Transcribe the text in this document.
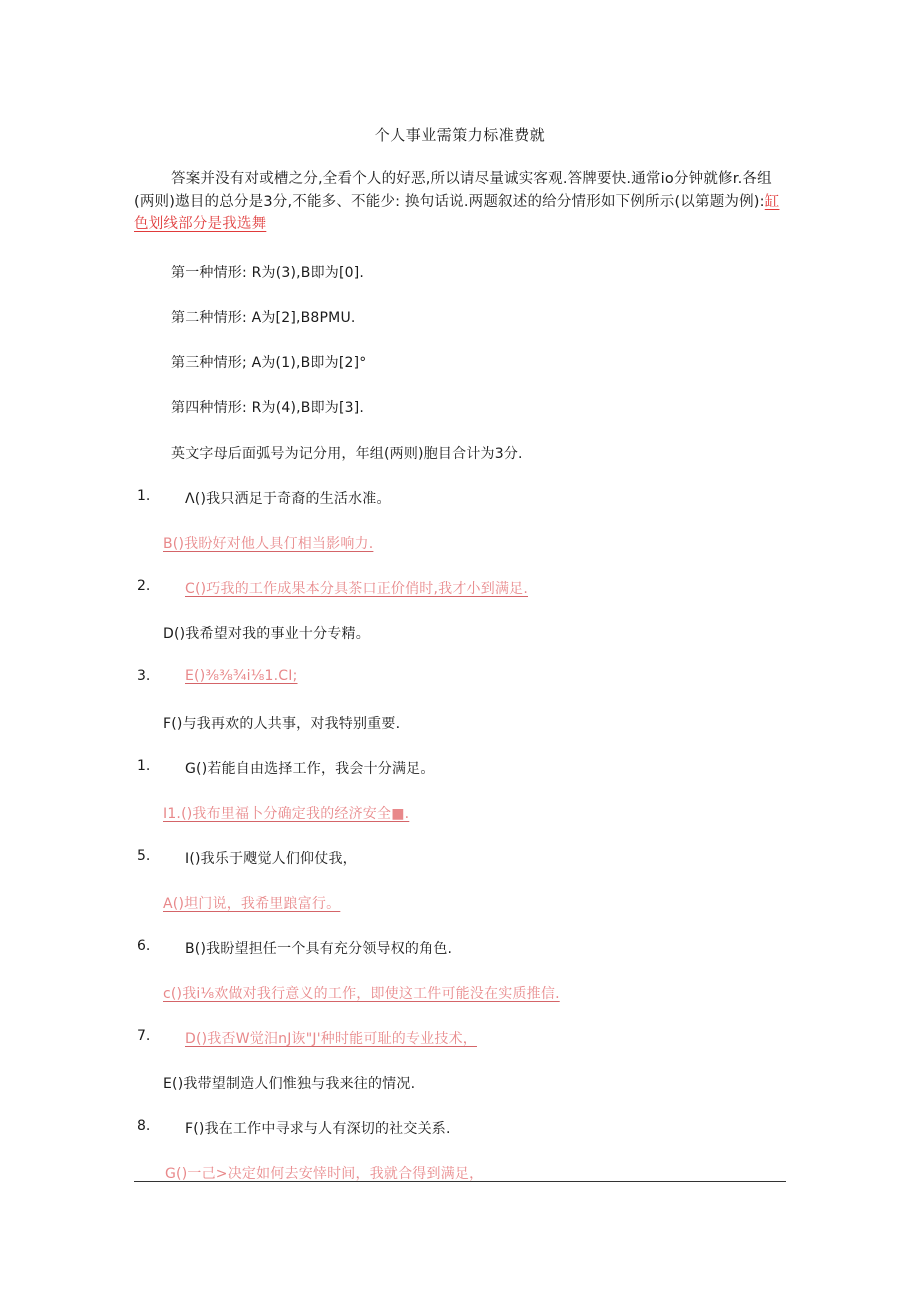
个人事业需策力标准费就
答案并没有对或槽之分,全看个人的好恶,所以请尽量诚实客观.答牌要快.通常io分钟就修r.各组(两则)遨目的总分是3分,不能多、不能少: 换句话说.两题叙述的给分情形如下例所示(以第题为例):缸色划线部分是我选舞
第一种情形: R为(3),B即为[0].
第二种情形: A为[2],B8PMU.
第三种情形; A为(1),B即为[2]°
第四种情形: R为(4),B即为[3].
英文字母后面弧号为记分用，年组(两则)胞目合计为3分.
1. Λ()我只洒足于奇裔的生活水准。
B()我盼好对他人具仃相当影响力.
2. C()巧我的工作成果本分具茶口正价俏时,我才小到满足.
D()我希望对我的事业十分专精。
3. E()⅜⅜¾i⅛1.CI;
F()与我再欢的人共事，对我特别重要.
1. G()若能自由选择工作，我会十分满足。
I1.()我布里福卜分确定我的经济安全■.
5. I()我乐于飕觉人们仰仗我，
A()坦门说，我希里踉富行。
6. B()我盼望担任一个具有充分领导权的角色.
c()我i⅛欢做对我行意义的工作，即使这工件可能没在实质推信.
7. D()我否W觉汨nJ诙"J'种时能可耻的专业技术，
E()我带望制造人们惟独与我来往的情况.
8. F()我在工作中寻求与人有深切的社交关系.
G()一己>决定如何去安悻时间，我就合得到满足，
